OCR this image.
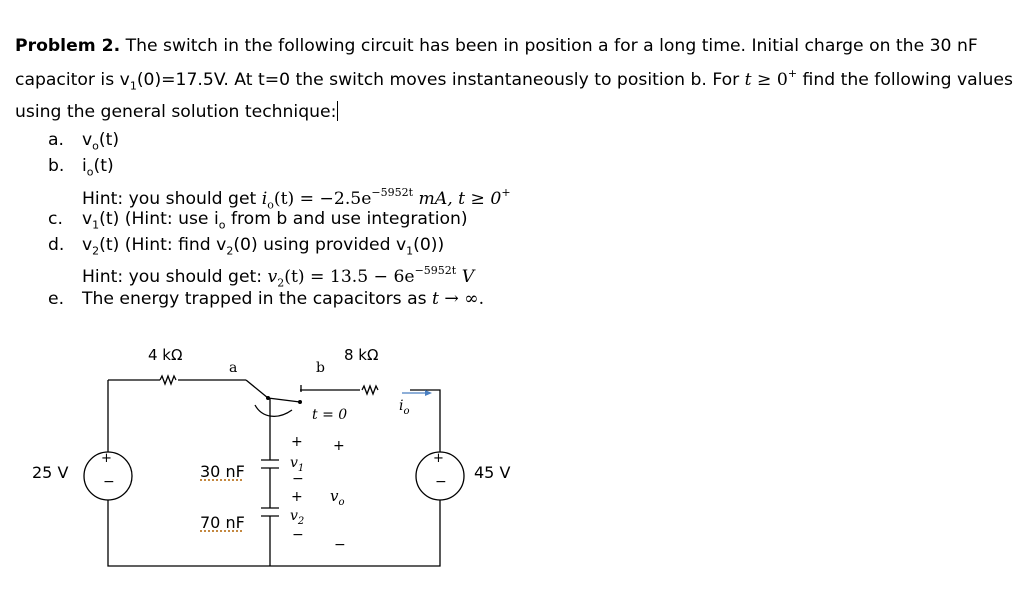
Problem 2. The switch in the following circuit has been in position a for a long time. Initial charge on the 30 nF capacitor is $v_1(0)=17.5V$. At t=0 the switch moves instantaneously to position b. For t ≥ 0+ find the following values using the general solution technique:
a. $v_o(t)$
b. $i_o(t)$
Hint: you should get $i_o(t) = -2.5e^{-5952t}$ mA, t ≥ 0+
c. $v_1(t)$ (Hint: use $i_o$ from b and use integration)
d. $v_2(t)$ (Hint: find $v_2(0)$ using provided $v_1(0)$)
Hint: you should get: $v_2(t) = 13.5 - 6e^{-5952t}$ V
e. The energy trapped in the capacitors as t → ∞.
4 kΩ	8 kΩ
a	b
t = 0
$i_o$
25 V	45 V
30 nF
70 nF
+
−
+
−
+
$v_1$
−
+
$v_2$
−
+
$v_o$
−
